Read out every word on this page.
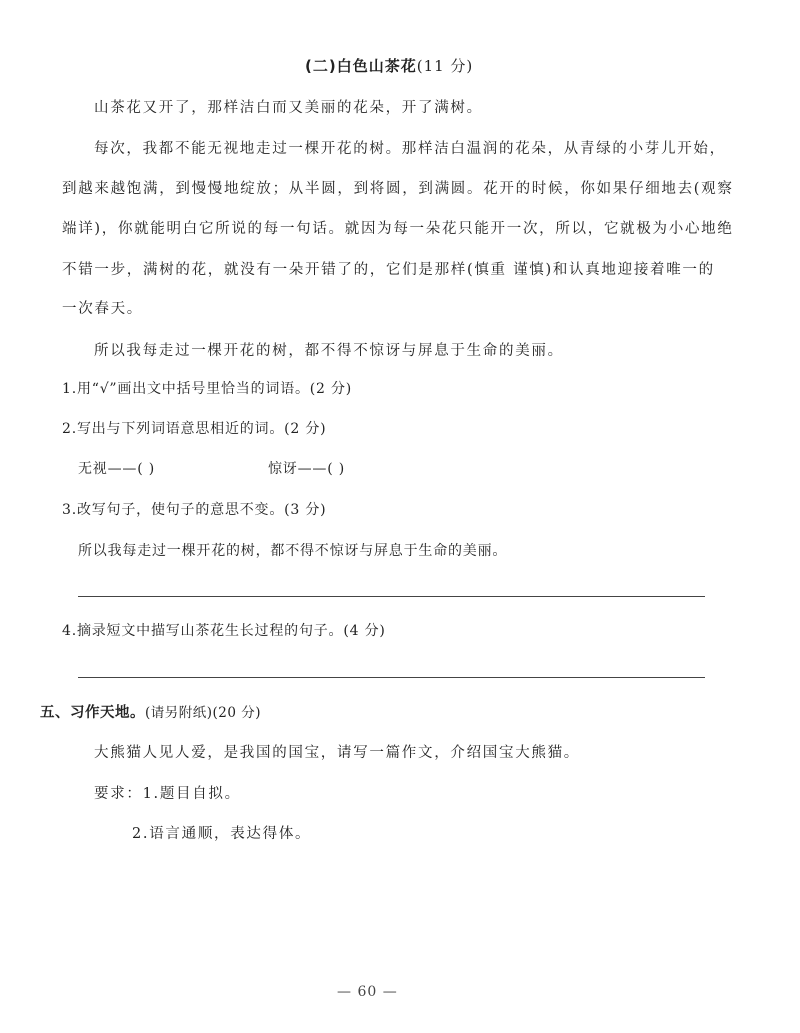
(二)白色山茶花(11 分)
山茶花又开了，那样洁白而又美丽的花朵，开了满树。
每次，我都不能无视地走过一棵开花的树。那样洁白温润的花朵，从青绿的小芽儿开始，
到越来越饱满，到慢慢地绽放；从半圆，到将圆，到满圆。花开的时候，你如果仔细地去(观察
端详)，你就能明白它所说的每一句话。就因为每一朵花只能开一次，所以，它就极为小心地绝
不错一步，满树的花，就没有一朵开错了的，它们是那样(慎重 谨慎)和认真地迎接着唯一的
一次春天。
所以我每走过一棵开花的树，都不得不惊讶与屏息于生命的美丽。
1.用“√”画出文中括号里恰当的词语。(2 分)
2.写出与下列词语意思相近的词。(2 分)
无视——( )	惊讶——( )
3.改写句子，使句子的意思不变。(3 分)
所以我每走过一棵开花的树，都不得不惊讶与屏息于生命的美丽。
4.摘录短文中描写山茶花生长过程的句子。(4 分)
五、习作天地。(请另附纸)(20 分)
大熊猫人见人爱，是我国的国宝，请写一篇作文，介绍国宝大熊猫。
要求：1.题目自拟。
2.语言通顺，表达得体。
— 60 —
